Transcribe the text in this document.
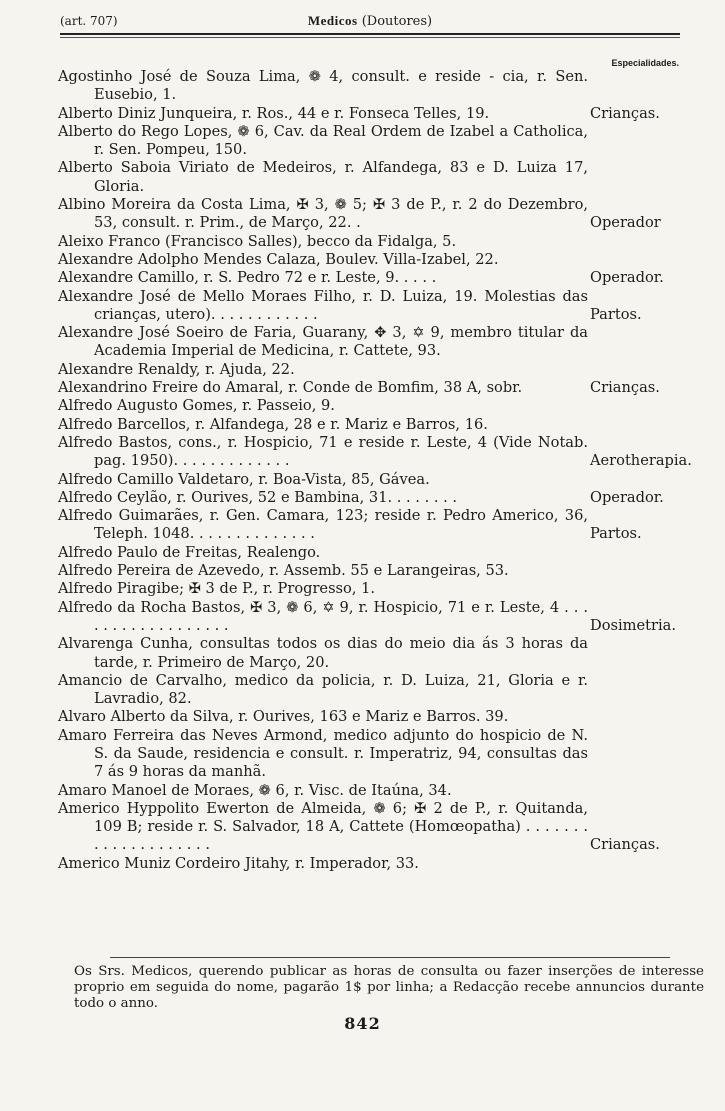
(art. 707)	Medicos (Doutores)
Especialidades.
Agostinho José de Souza Lima, ❁ 4, consult. e reside - cia, r. Sen. Eusebio, 1.
Alberto Diniz Junqueira, r. Ros., 44 e r. Fonseca Telles, 19.	Crianças.
Alberto do Rego Lopes, ❁ 6, Cav. da Real Ordem de Izabel a Catholica, r. Sen. Pompeu, 150.
Alberto Saboia Viriato de Medeiros, r. Alfandega, 83 e D. Luiza 17, Gloria.
Albino Moreira da Costa Lima, ✠ 3, ❁ 5; ✠ 3 de P., r. 2 do Dezembro, 53, consult. r. Prim., de Março, 22. .	Operador
Aleixo Franco (Francisco Salles), becco da Fidalga, 5.
Alexandre Adolpho Mendes Calaza, Boulev. Villa-Izabel, 22.
Alexandre Camillo, r. S. Pedro 72 e r. Leste, 9. . . . .	Operador.
Alexandre José de Mello Moraes Filho, r. D. Luiza, 19. Molestias das crianças, utero). . . . . . . . . . . .	Partos.
Alexandre José Soeiro de Faria, Guarany, ✥ 3, ✡ 9, membro titular da Academia Imperial de Medicina, r. Cattete, 93.
Alexandre Renaldy, r. Ajuda, 22.
Alexandrino Freire do Amaral, r. Conde de Bomfim, 38 A, sobr.	Crianças.
Alfredo Augusto Gomes, r. Passeio, 9.
Alfredo Barcellos, r. Alfandega, 28 e r. Mariz e Barros, 16.
Alfredo Bastos, cons., r. Hospicio, 71 e reside r. Leste, 4 (Vide Notab. pag. 1950). . . . . . . . . . . . .	Aerotherapia.
Alfredo Camillo Valdetaro, r. Boa-Vista, 85, Gávea.
Alfredo Ceylão, r. Ourives, 52 e Bambina, 31. . . . . . . .	Operador.
Alfredo Guimarães, r. Gen. Camara, 123; reside r. Pedro Americo, 36, Teleph. 1048. . . . . . . . . . . . . .	Partos.
Alfredo Paulo de Freitas, Realengo.
Alfredo Pereira de Azevedo, r. Assemb. 55 e Larangeiras, 53.
Alfredo Piragibe; ✠ 3 de P., r. Progresso, 1.
Alfredo da Rocha Bastos, ✠ 3, ❁ 6, ✡ 9, r. Hospicio, 71 e r. Leste, 4 . . . . . . . . . . . . . . . . . .	Dosimetria.
Alvarenga Cunha, consultas todos os dias do meio dia ás 3 horas da tarde, r. Primeiro de Março, 20.
Amancio de Carvalho, medico da policia, r. D. Luiza, 21, Gloria e r. Lavradio, 82.
Alvaro Alberto da Silva, r. Ourives, 163 e Mariz e Barros. 39.
Amaro Ferreira das Neves Armond, medico adjunto do hospicio de N. S. da Saude, residencia e consult. r. Imperatriz, 94, consultas das 7 ás 9 horas da manhã.
Amaro Manoel de Moraes, ❁ 6, r. Visc. de Itaúna, 34.
Americo Hyppolito Ewerton de Almeida, ❁ 6; ✠ 2 de P., r. Quitanda, 109 B; reside r. S. Salvador, 18 A, Cattete (Homœopatha) . . . . . . . . . . . . . . . . . . . .	Crianças.
Americo Muniz Cordeiro Jitahy, r. Imperador, 33.

Os Srs. Medicos, querendo publicar as horas de consulta ou fazer inserções de interesse proprio em seguida do nome, pagarão 1$ por linha; a Redacção recebe annuncios durante todo o anno.

842
